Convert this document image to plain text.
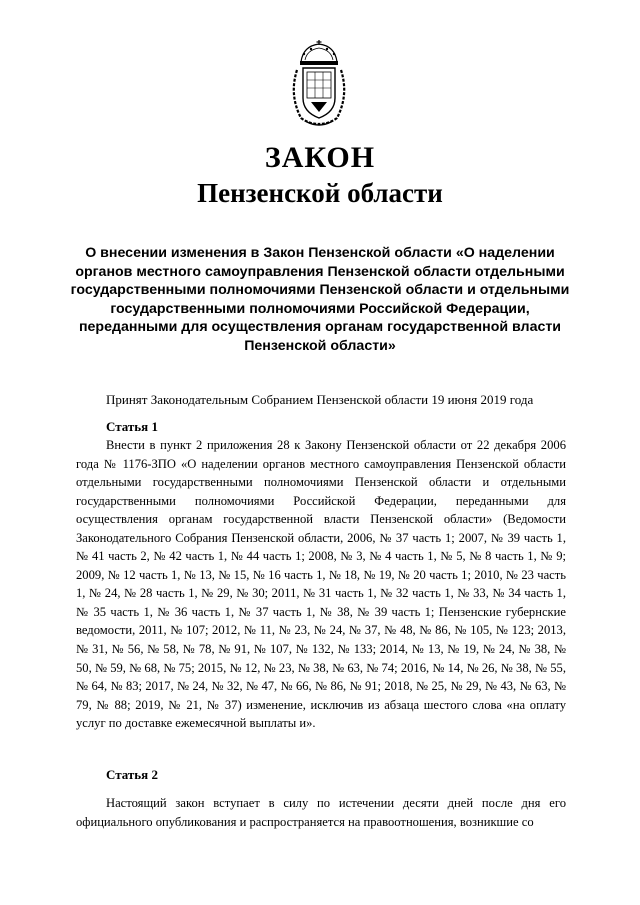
ЗАКОН
Пензенской области

О внесении изменения в Закон Пензенской области «О наделении органов местного самоуправления Пензенской области отдельными государственными полномочиями Пензенской области и отдельными государственными полномочиями Российской Федерации, переданными для осуществления органам государственной власти Пензенской области»

Принят Законодательным Собранием Пензенской области 19 июня 2019 года
Статья 1

Внести в пункт 2 приложения 28 к Закону Пензенской области от 22 декабря 2006 года № 1176-ЗПО «О наделении органов местного самоуправления Пензенской области отдельными государственными полномочиями Пензенской области и отдельными государственными полномочиями Российской Федерации, переданными для осуществления органам государственной власти Пензенской области» (Ведомости Законодательного Собрания Пензенской области, 2006, № 37 часть 1; 2007, № 39 часть 1, № 41 часть 2, № 42 часть 1, № 44 часть 1; 2008, № 3, № 4 часть 1, № 5, № 8 часть 1, № 9; 2009, № 12 часть 1, № 13, № 15, № 16 часть 1, № 18, № 19, № 20 часть 1; 2010, № 23 часть 1, № 24, № 28 часть 1, № 29, № 30; 2011, № 31 часть 1, № 32 часть 1, № 33, № 34 часть 1, № 35 часть 1, № 36 часть 1, № 37 часть 1, № 38, № 39 часть 1; Пензенские губернские ведомости, 2011, № 107; 2012, № 11, № 23, № 24, № 37, № 48, № 86, № 105, № 123; 2013, № 31, № 56, № 58, № 78, № 91, № 107, № 132, № 133; 2014, № 13, № 19, № 24, № 38, № 50, № 59, № 68, № 75; 2015, № 12, № 23, № 38, № 63, № 74; 2016, № 14, № 26, № 38, № 55, № 64, № 83; 2017, № 24, № 32, № 47, № 66, № 86, № 91; 2018, № 25, № 29, № 43, № 63, № 79, № 88; 2019, № 21, № 37) изменение, исключив из абзаца шестого слова «на оплату услуг по доставке ежемесячной выплаты и».

Статья 2

Настоящий закон вступает в силу по истечении десяти дней после дня его официального опубликования и распространяется на правоотношения, возникшие со
